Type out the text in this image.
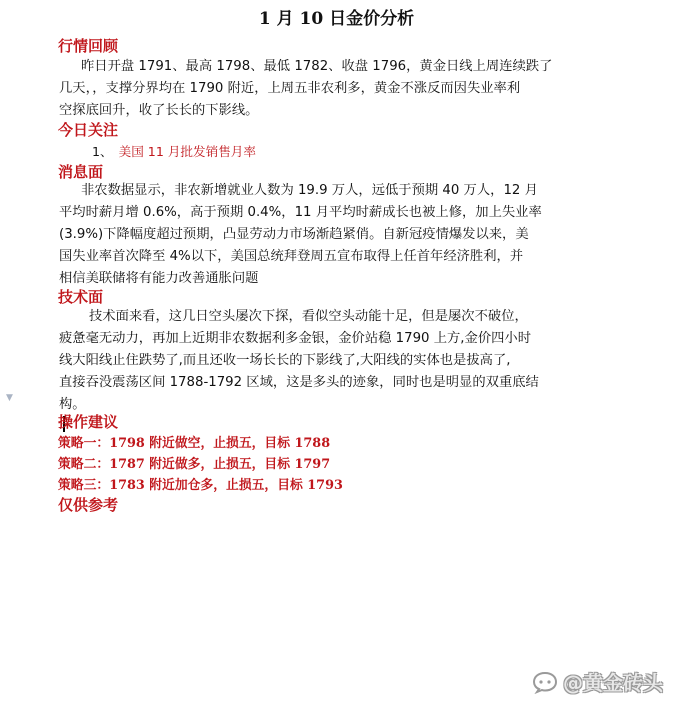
1 月 10 日金价分析
行情回顾
昨日开盘 1791、最高 1798、最低 1782、收盘 1796，黄金日线上周连续跌了
几天，，支撑分界均在 1790 附近，上周五非农利多，黄金不涨反而因失业率利
空探底回升，收了长长的下影线。
今日关注
1、 美国 11 月批发销售月率
消息面
非农数据显示，非农新增就业人数为 19.9 万人，远低于预期 40 万人，12 月
平均时薪月增 0.6%，高于预期 0.4%，11 月平均时薪成长也被上修，加上失业率
(3.9%)下降幅度超过预期，凸显劳动力市场渐趋紧俏。自新冠疫情爆发以来，美
国失业率首次降至 4%以下，美国总统拜登周五宣布取得上任首年经济胜利，并
相信美联储将有能力改善通胀问题
技术面
技术面来看，这几日空头屡次下探，看似空头动能十足，但是屡次不破位，
疲惫毫无动力，再加上近期非农数据利多金银，金价站稳 1790 上方,金价四小时
线大阳线止住跌势了,而且还收一场长长的下影线了,大阳线的实体也是拔高了,
直接吞没震荡区间 1788-1792 区域，这是多头的迹象，同时也是明显的双重底结
构。
▼
操作建议
策略一：1798 附近做空，止损五，目标 1788
策略二：1787 附近做多，止损五，目标 1797
策略三：1783 附近加仓多，止损五，目标 1793
仅供参考
@黄金砖头
